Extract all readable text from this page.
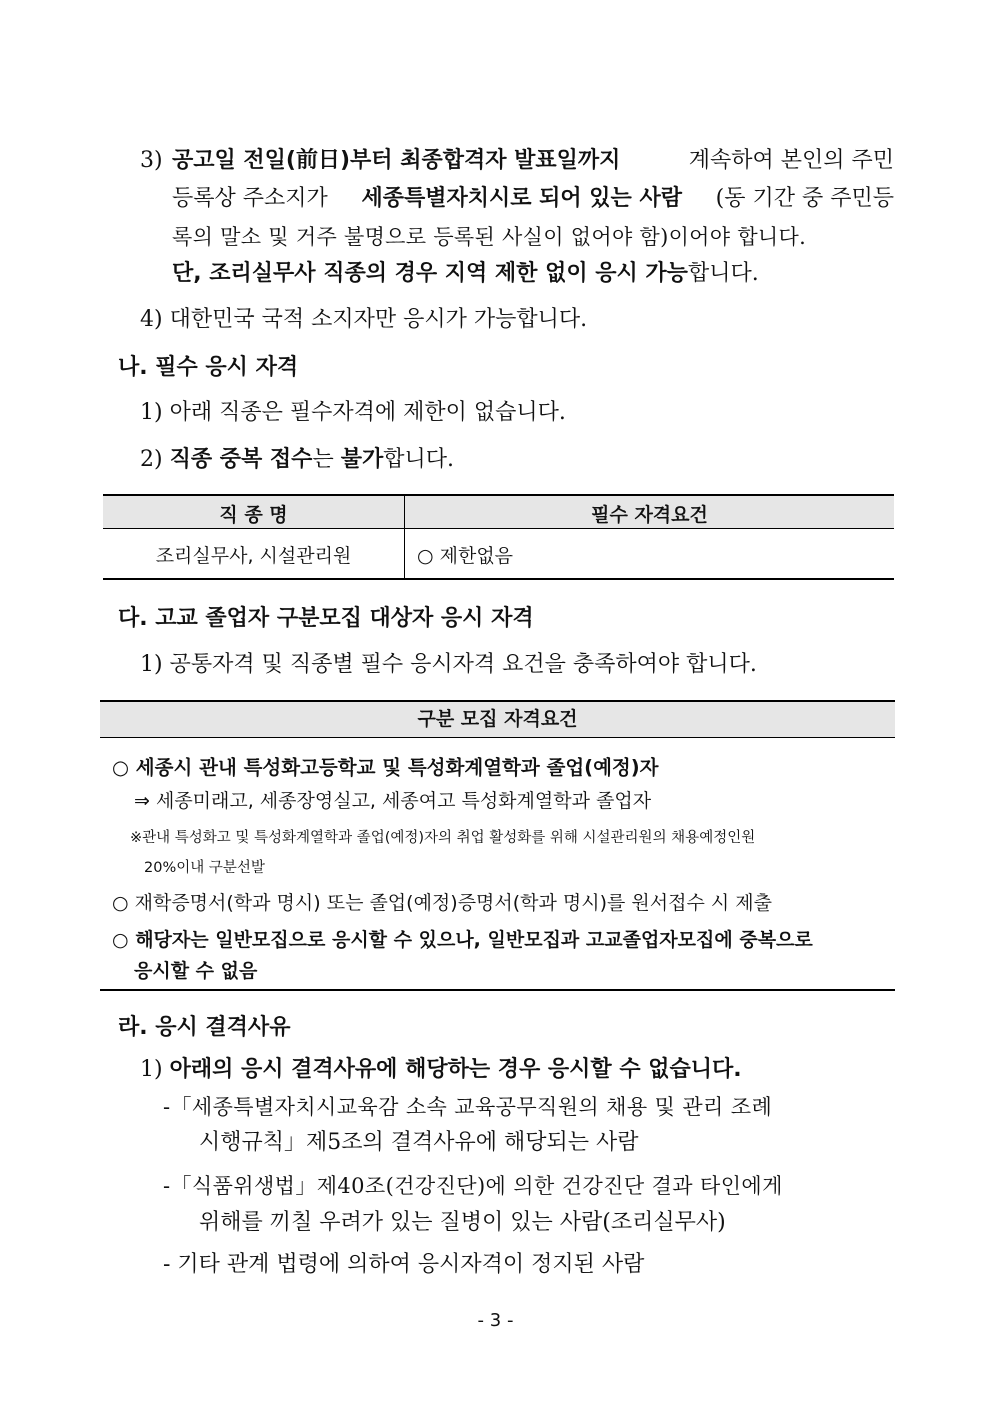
3) 공고일 전일(前日)부터 최종합격자 발표일까지	계속하여 본인의 주민
등록상 주소지가 세종특별자치시로 되어 있는 사람 (동 기간 중 주민등
록의 말소 및 거주 불명으로 등록된 사실이 없어야 함)이어야 합니다.
단, 조리실무사 직종의 경우 지역 제한 없이 응시 가능합니다.
4) 대한민국 국적 소지자만 응시가 가능합니다.
나. 필수 응시 자격
1) 아래 직종은 필수자격에 제한이 없습니다.
2) 직종 중복 접수는 불가합니다.
직 종 명	필수 자격요건
조리실무사, 시설관리원	○ 제한없음
다. 고교 졸업자 구분모집 대상자 응시 자격
1) 공통자격 및 직종별 필수 응시자격 요건을 충족하여야 합니다.
구분 모집 자격요건
○ 세종시 관내 특성화고등학교 및 특성화계열학과 졸업(예정)자
⇒ 세종미래고, 세종장영실고, 세종여고 특성화계열학과 졸업자
※관내 특성화고 및 특성화계열학과 졸업(예정)자의 취업 활성화를 위해 시설관리원의 채용예정인원
20%이내 구분선발
○ 재학증명서(학과 명시) 또는 졸업(예정)증명서(학과 명시)를 원서접수 시 제출
○ 해당자는 일반모집으로 응시할 수 있으나, 일반모집과 고교졸업자모집에 중복으로
응시할 수 없음
라. 응시 결격사유
1) 아래의 응시 결격사유에 해당하는 경우 응시할 수 없습니다.
-「세종특별자치시교육감 소속 교육공무직원의 채용 및 관리 조례
시행규칙」제5조의 결격사유에 해당되는 사람
-「식품위생법」제40조(건강진단)에 의한 건강진단 결과 타인에게
위해를 끼칠 우려가 있는 질병이 있는 사람(조리실무사)
- 기타 관계 법령에 의하여 응시자격이 정지된 사람
- 3 -
